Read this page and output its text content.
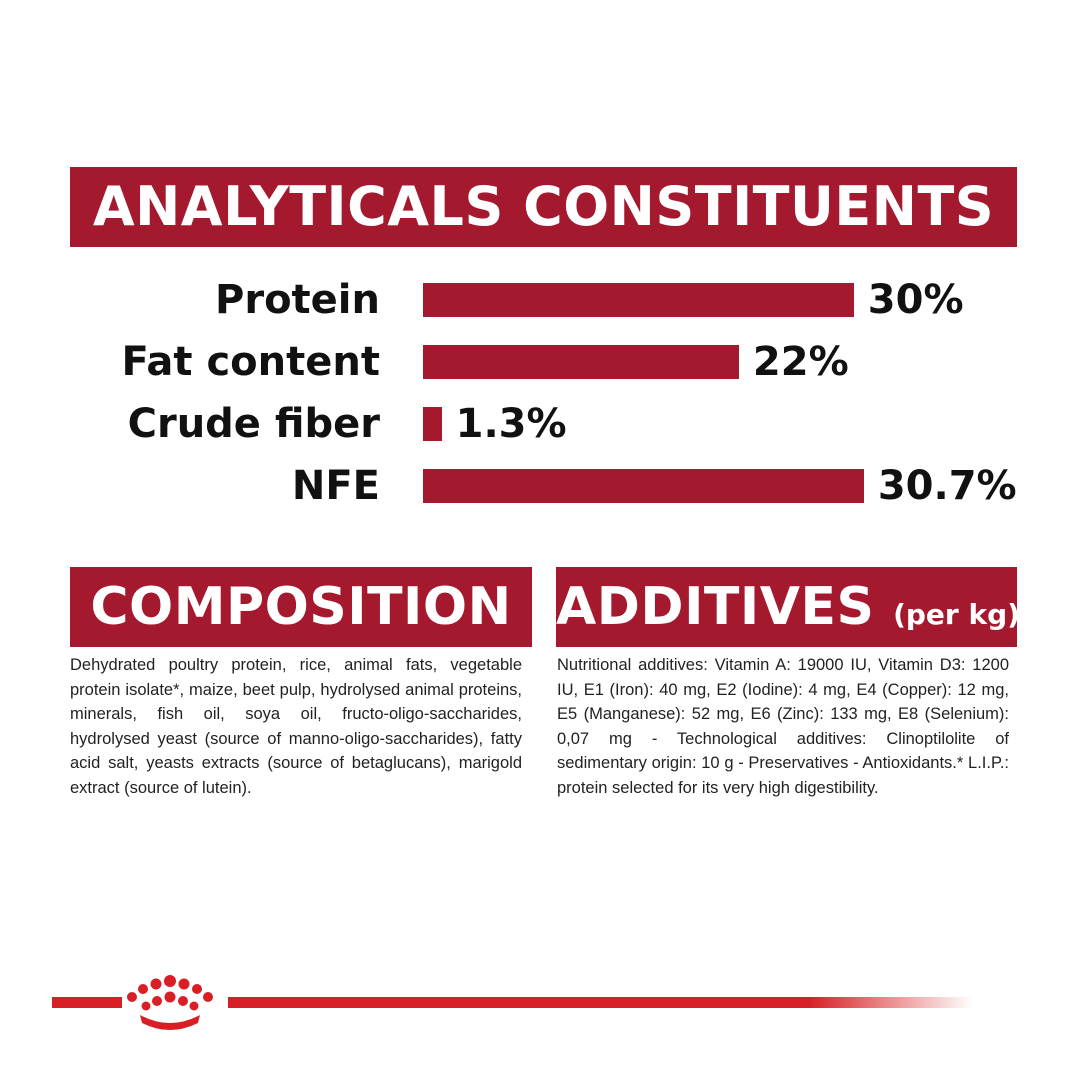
ANALYTICALS CONSTITUENTS
Protein	30%
Fat content	22%
Crude fiber 1.3%
NFE	30.7%
COMPOSITION ADDITIVES (per kg)

Dehydrated poultry protein, rice, animal fats, vegetable protein isolate*, maize, beet pulp, hydrolysed animal proteins, minerals, fish oil, soya oil, fructo-oligo-saccharides, hydrolysed yeast (source of manno-oligo-saccharides), fatty acid salt, yeasts extracts (source of betaglucans), marigold extract (source of lutein).

Nutritional additives: Vitamin A: 19000 IU, Vitamin D3: 1200 IU, E1 (Iron): 40 mg, E2 (Iodine): 4 mg, E4 (Copper): 12 mg, E5 (Manganese): 52 mg, E6 (Zinc): 133 mg, E8 (Selenium): 0,07 mg - Technological additives: Clinoptilolite of sedimentary origin: 10 g - Preservatives - Antioxidants.* L.I.P.: protein selected for its very high digestibility.
